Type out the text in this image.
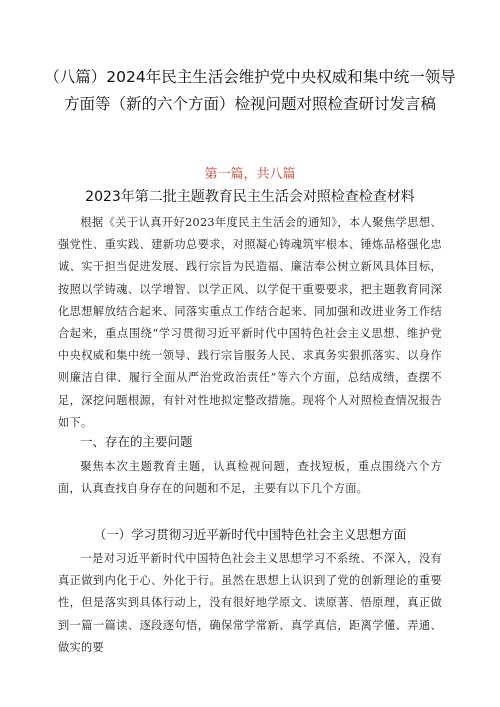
（八篇）2024年民主生活会维护党中央权威和集中统一领导方面等（新的六个方面）检视问题对照检查研讨发言稿
第一篇，共八篇
2023年第二批主题教育民主生活会对照检查检查材料

根据《关于认真开好2023年度民主生活会的通知》，本人聚焦学思想、强党性、重实践、建新功总要求，对照凝心铸魂筑牢根本、锤炼品格强化忠诚、实干担当促进发展、践行宗旨为民造福、廉洁奉公树立新风具体目标，按照以学铸魂、以学增智、以学正风、以学促干重要要求，把主题教育同深化思想解放结合起来、同落实重点工作结合起来、同加强和改进业务工作结合起来，重点围绕“学习贯彻习近平新时代中国特色社会主义思想、维护党中央权威和集中统一领导、践行宗旨服务人民、求真务实狠抓落实、以身作则廉洁自律、履行全面从严治党政治责任”等六个方面，总结成绩，查摆不足，深挖问题根源，有针对性地拟定整改措施。现将个人对照检查情况报告如下。

一、存在的主要问题

聚焦本次主题教育主题，认真检视问题，查找短板，重点围绕六个方面，认真查找自身存在的问题和不足，主要有以下几个方面。

（一）学习贯彻习近平新时代中国特色社会主义思想方面

一是对习近平新时代中国特色社会主义思想学习不系统、不深入，没有真正做到内化于心、外化于行。虽然在思想上认识到了党的创新理论的重要性，但是落实到具体行动上，没有很好地学原文、读原著、悟原理，真正做到一篇一篇读、逐段逐句悟，确保常学常新、真学真信，距离学懂、弄通、做实的要
